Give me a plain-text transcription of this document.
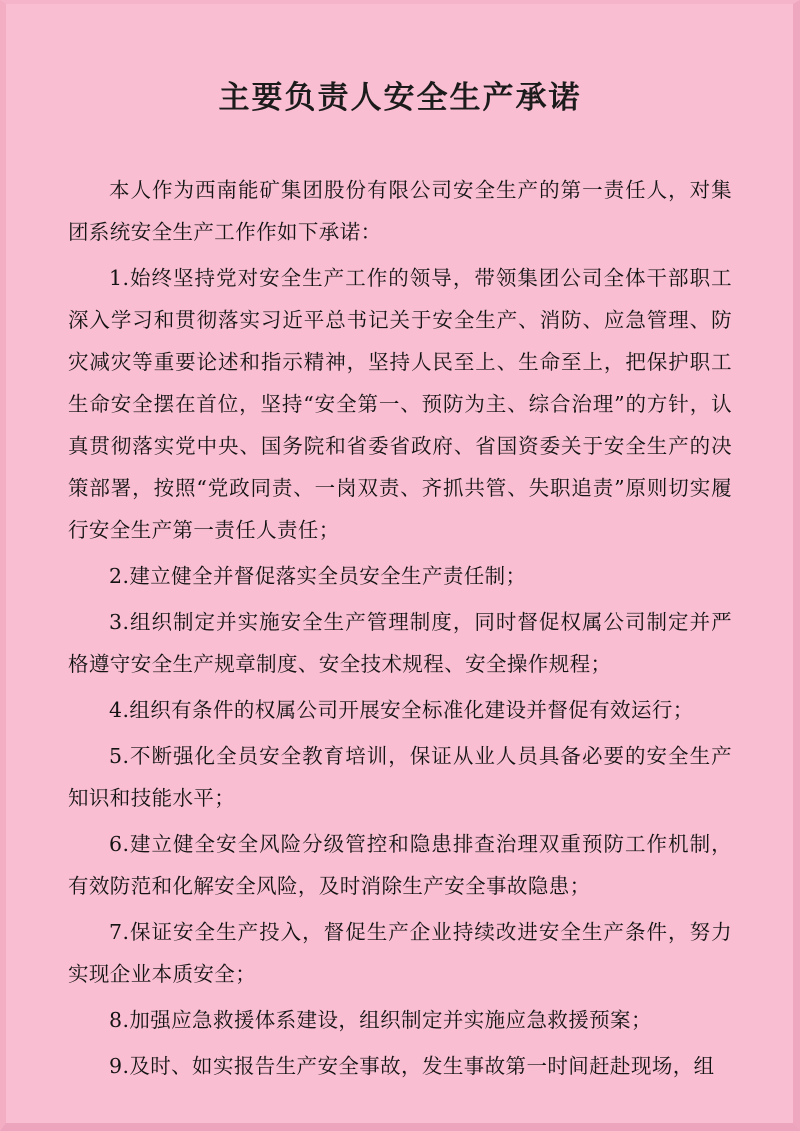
主要负责人安全生产承诺

本人作为西南能矿集团股份有限公司安全生产的第一责任人，对集团系统安全生产工作作如下承诺：

1.始终坚持党对安全生产工作的领导，带领集团公司全体干部职工深入学习和贯彻落实习近平总书记关于安全生产、消防、应急管理、防灾减灾等重要论述和指示精神，坚持人民至上、生命至上，把保护职工生命安全摆在首位，坚持“安全第一、预防为主、综合治理”的方针，认真贯彻落实党中央、国务院和省委省政府、省国资委关于安全生产的决策部署，按照“党政同责、一岗双责、齐抓共管、失职追责”原则切实履行安全生产第一责任人责任；

2.建立健全并督促落实全员安全生产责任制；

3.组织制定并实施安全生产管理制度，同时督促权属公司制定并严格遵守安全生产规章制度、安全技术规程、安全操作规程；

4.组织有条件的权属公司开展安全标准化建设并督促有效运行；

5.不断强化全员安全教育培训，保证从业人员具备必要的安全生产知识和技能水平；

6.建立健全安全风险分级管控和隐患排查治理双重预防工作机制，有效防范和化解安全风险，及时消除生产安全事故隐患；

7.保证安全生产投入，督促生产企业持续改进安全生产条件，努力实现企业本质安全；

8.加强应急救援体系建设，组织制定并实施应急救援预案；

9.及时、如实报告生产安全事故，发生事故第一时间赶赴现场，组
